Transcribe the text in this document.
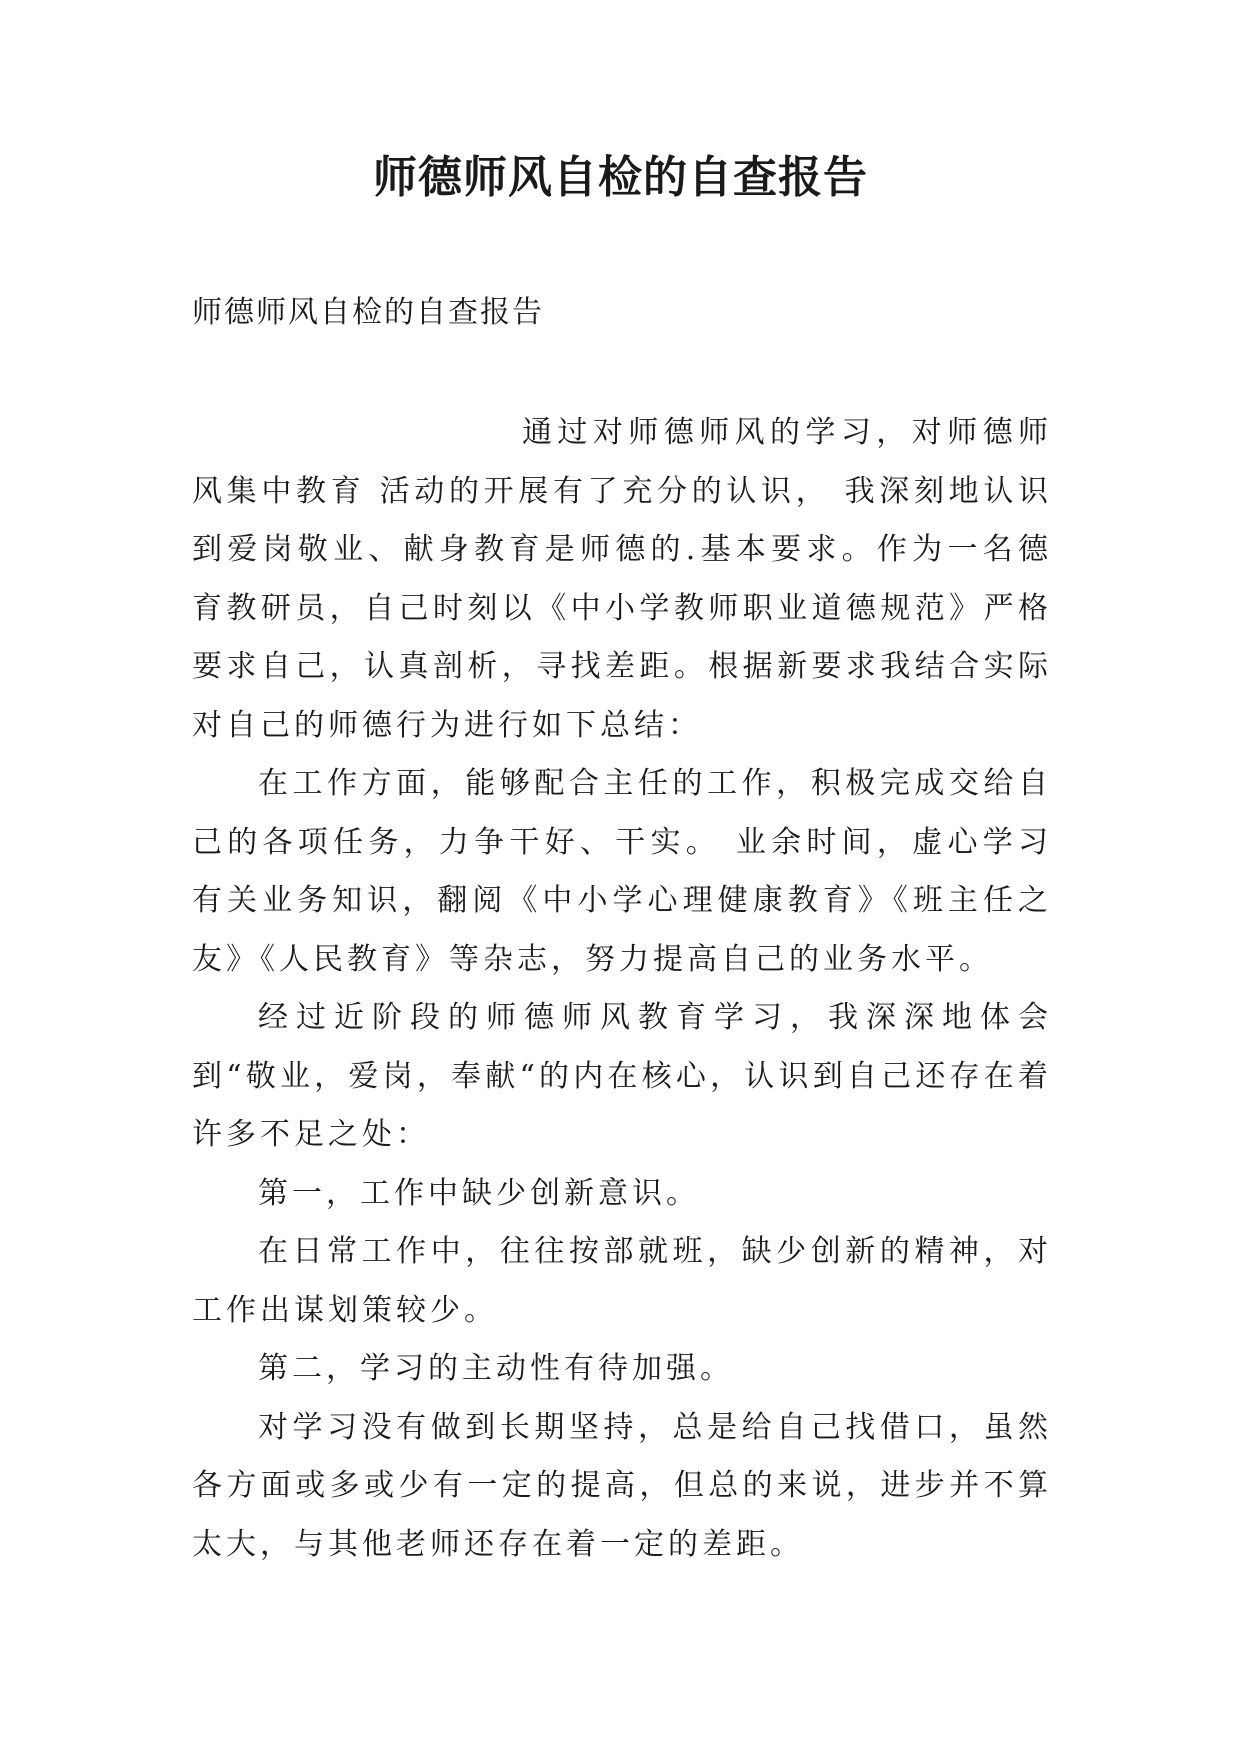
师德师风自检的自查报告
师德师风自检的自查报告

通过对师德师风的学习，对师德师风集中教育 活动的开展有了充分的认识， 我深刻地认识到爱岗敬业、献身教育是师德的.基本要求。作为一名德育教研员，自己时刻以《中小学教师职业道德规范》严格要求自己，认真剖析，寻找差距。根据新要求我结合实际对自己的师德行为进行如下总结：

在工作方面，能够配合主任的工作，积极完成交给自己的各项任务，力争干好、干实。 业余时间，虚心学习有关业务知识，翻阅《中小学心理健康教育》《班主任之友》《人民教育》等杂志，努力提高自己的业务水平。

经过近阶段的师德师风教育学习，我深深地体会到“敬业，爱岗，奉献“的内在核心，认识到自己还存在着许多不足之处：

第一，工作中缺少创新意识。

在日常工作中，往往按部就班，缺少创新的精神，对工作出谋划策较少。

第二，学习的主动性有待加强。

对学习没有做到长期坚持，总是给自己找借口，虽然各方面或多或少有一定的提高，但总的来说，进步并不算太大，与其他老师还存在着一定的差距。
